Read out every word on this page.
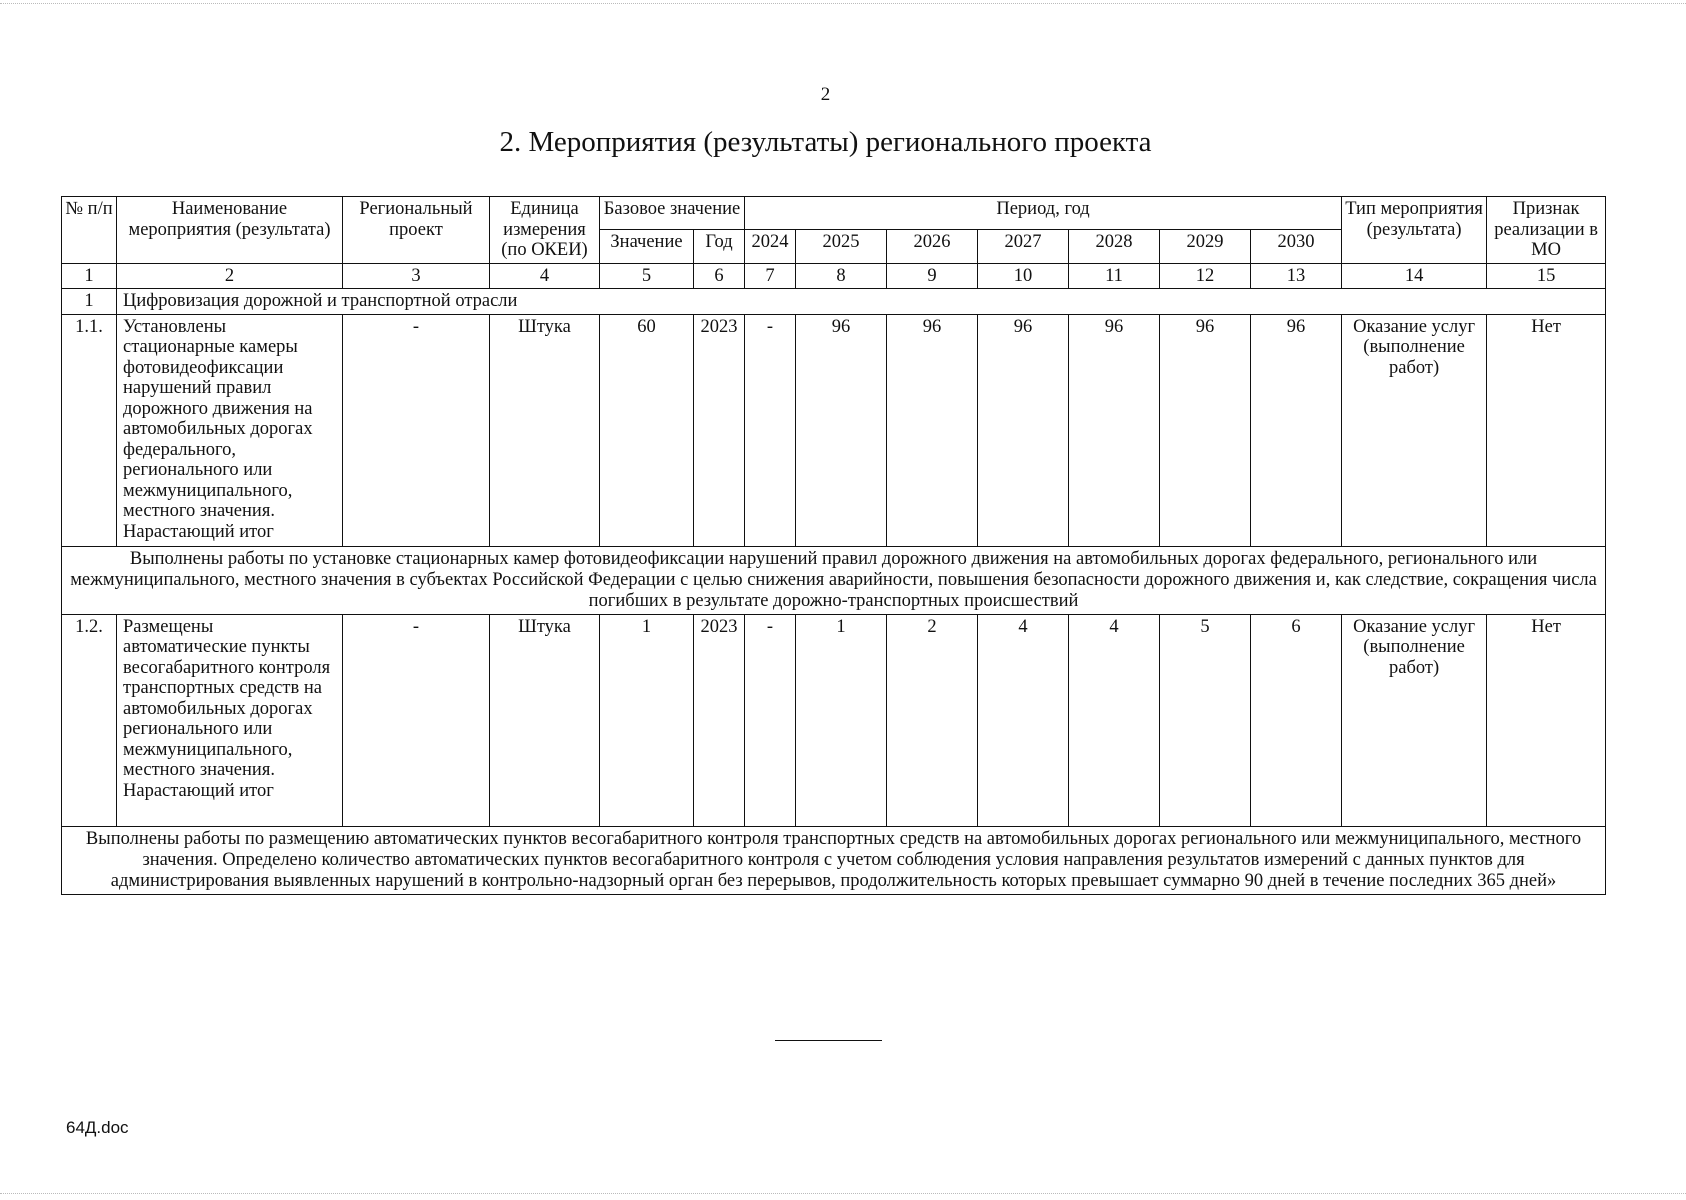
2
2. Мероприятия (результаты) регионального проекта
№ п/п	Наименование мероприятия (результата)	Региональный проект	Единица измерения (по ОКЕИ)	Базовое значение		Период, год							Тип мероприятия (результата)	Признак реализации в МО
				Значение	Год	2024	2025	2026	2027	2028	2029	2030		
1	2	3	4	5	6	7	8	9	10	11	12	13	14	15
1	Цифровизация дорожной и транспортной отрасли													
1.1.	Установлены стационарные камеры фотовидеофиксации нарушений правил дорожного движения на автомобильных дорогах федерального, регионального или межмуниципального, местного значения. Нарастающий итог	-	Штука	60	2023	-	96	96	96	96	96	96	Оказание услуг (выполнение работ)	Нет
Выполнены работы по установке стационарных камер фотовидеофиксации нарушений правил дорожного движения на автомобильных дорогах федерального, регионального или межмуниципального, местного значения в субъектах Российской Федерации с целью снижения аварийности, повышения безопасности дорожного движения и, как следствие, сокращения числа погибших в результате дорожно-транспортных происшествий														
1.2.	Размещены автоматические пункты весогабаритного контроля транспортных средств на автомобильных дорогах регионального или межмуниципального, местного значения. Нарастающий итог	-	Штука	1	2023	-	1	2	4	4	5	6	Оказание услуг (выполнение работ)	Нет
Выполнены работы по размещению автоматических пунктов весогабаритного контроля транспортных средств на автомобильных дорогах регионального или межмуниципального, местного значения. Определено количество автоматических пунктов весогабаритного контроля с учетом соблюдения условия направления результатов измерений с данных пунктов для администрирования выявленных нарушений в контрольно-надзорный орган без перерывов, продолжительность которых превышает суммарно 90 дней в течение последних 365 дней»														
64Д.doc
